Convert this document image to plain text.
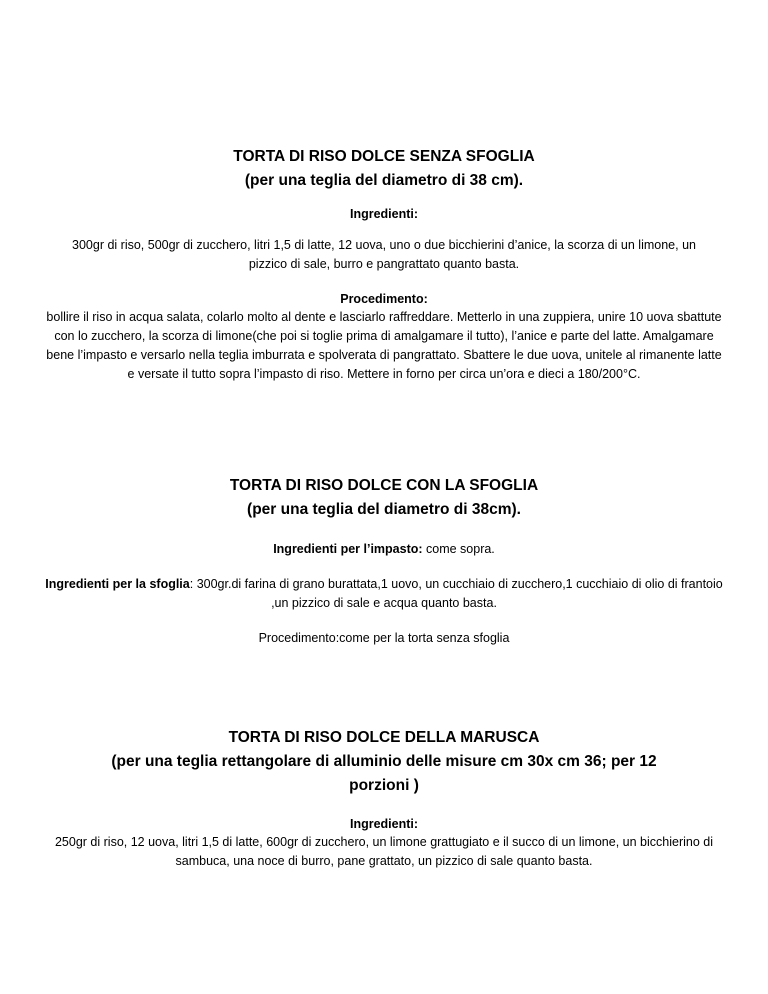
TORTA DI RISO DOLCE SENZA SFOGLIA

(per una teglia del diametro di 38 cm).

Ingredienti:

300gr di riso, 500gr di zucchero, litri 1,5 di latte, 12 uova, uno o due bicchierini d’anice, la scorza di un limone, un pizzico di sale, burro e pangrattato quanto basta.

Procedimento:

bollire il riso in acqua salata, colarlo molto al dente e lasciarlo raffreddare. Metterlo in una zuppiera, unire 10 uova sbattute con lo zucchero, la scorza di limone(che poi si toglie prima di amalgamare il tutto), l’anice e parte del latte. Amalgamare bene l’impasto e versarlo nella teglia imburrata e spolverata di pangrattato. Sbattere le due uova, unitele al rimanente latte e versate il tutto sopra l’impasto di riso. Mettere in forno per circa un’ora e dieci a 180/200°C.

TORTA DI RISO DOLCE CON LA SFOGLIA

(per una teglia del diametro di 38cm).

Ingredienti per l’impasto: come sopra.

Ingredienti per la sfoglia: 300gr.di farina di grano burattata,1 uovo, un cucchiaio di zucchero,1 cucchiaio di olio di frantoio ,un pizzico di sale e acqua quanto basta.

Procedimento:come per la torta senza sfoglia

TORTA DI RISO DOLCE DELLA MARUSCA

(per una teglia rettangolare di alluminio delle misure cm 30x cm 36; per 12 porzioni )

Ingredienti:

250gr di riso, 12 uova, litri 1,5 di latte, 600gr di zucchero, un limone grattugiato e il succo di un limone, un bicchierino di sambuca, una noce di burro, pane grattato, un pizzico di sale quanto basta.
